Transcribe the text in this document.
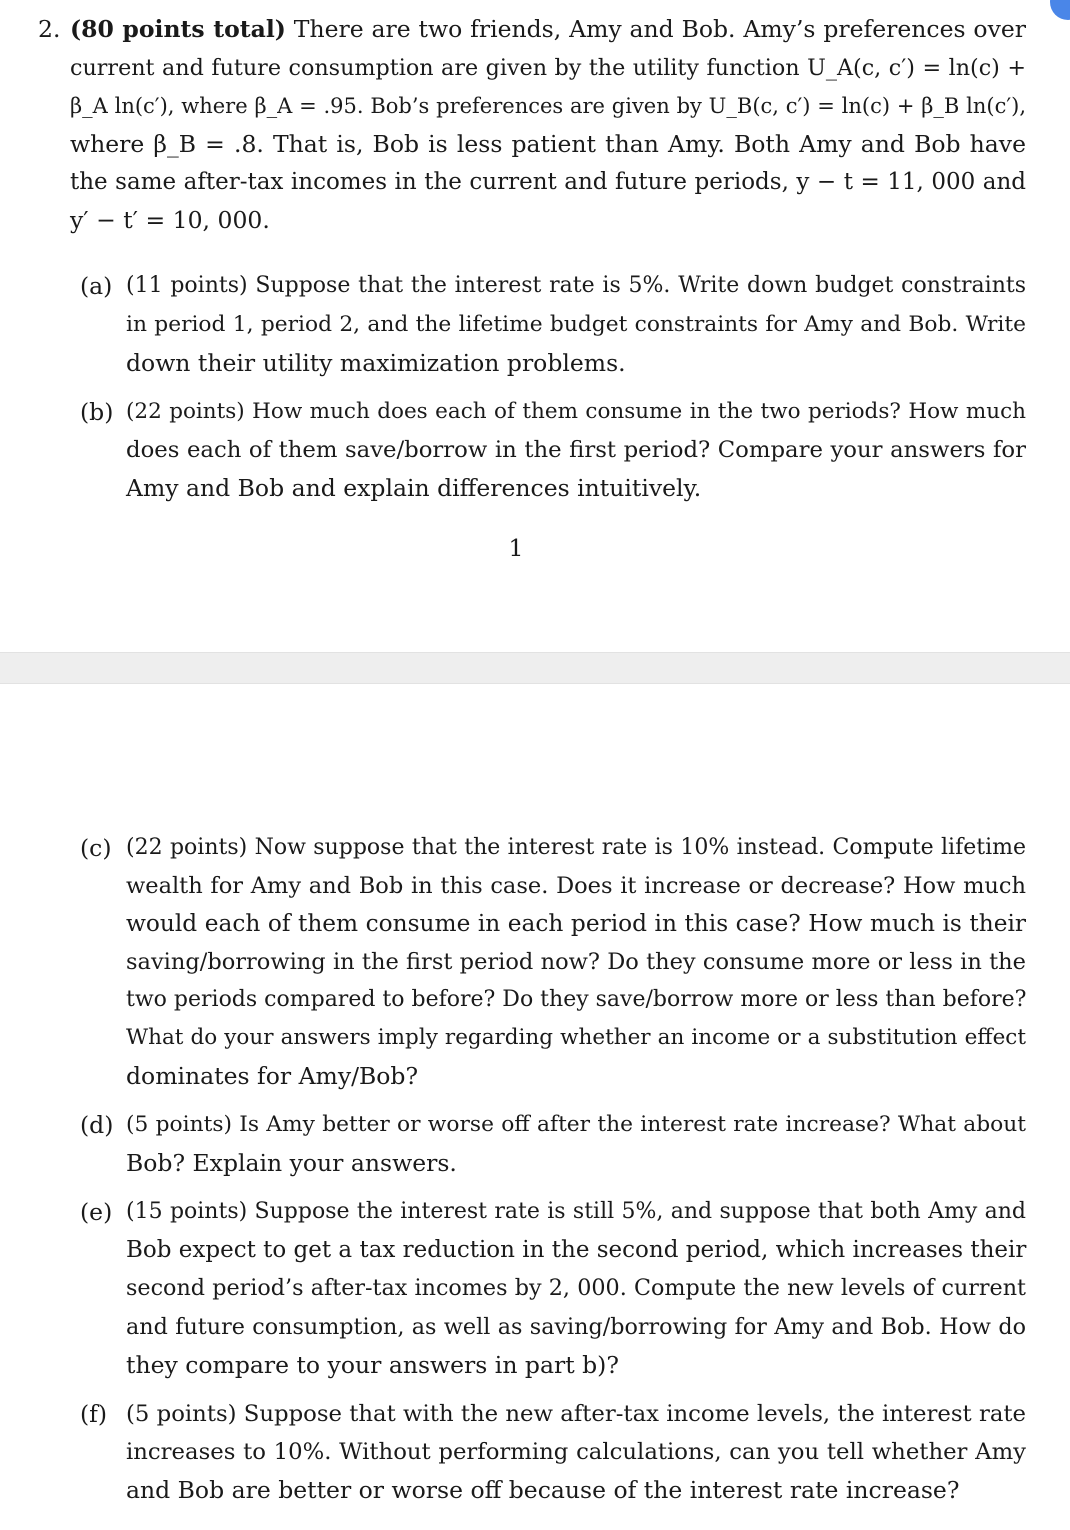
2. (80 points total) There are two friends, Amy and Bob. Amy’s preferences over
current and future consumption are given by the utility function U_A(c, c′) = ln(c) +
β_A ln(c′), where β_A = .95. Bob’s preferences are given by U_B(c, c′) = ln(c) + β_B ln(c′),
where β_B = .8. That is, Bob is less patient than Amy. Both Amy and Bob have
the same after-tax incomes in the current and future periods, y − t = 11, 000 and
y′ − t′ = 10, 000.
(a) (11 points) Suppose that the interest rate is 5%. Write down budget constraints
in period 1, period 2, and the lifetime budget constraints for Amy and Bob. Write
down their utility maximization problems.
(b) (22 points) How much does each of them consume in the two periods? How much
does each of them save/borrow in the first period? Compare your answers for
Amy and Bob and explain differences intuitively.
1
(c) (22 points) Now suppose that the interest rate is 10% instead. Compute lifetime
wealth for Amy and Bob in this case. Does it increase or decrease? How much
would each of them consume in each period in this case? How much is their
saving/borrowing in the first period now? Do they consume more or less in the
two periods compared to before? Do they save/borrow more or less than before?
What do your answers imply regarding whether an income or a substitution effect
dominates for Amy/Bob?
(d) (5 points) Is Amy better or worse off after the interest rate increase? What about
Bob? Explain your answers.
(e) (15 points) Suppose the interest rate is still 5%, and suppose that both Amy and
Bob expect to get a tax reduction in the second period, which increases their
second period’s after-tax incomes by 2, 000. Compute the new levels of current
and future consumption, as well as saving/borrowing for Amy and Bob. How do
they compare to your answers in part b)?
(f) (5 points) Suppose that with the new after-tax income levels, the interest rate
increases to 10%. Without performing calculations, can you tell whether Amy
and Bob are better or worse off because of the interest rate increase?
